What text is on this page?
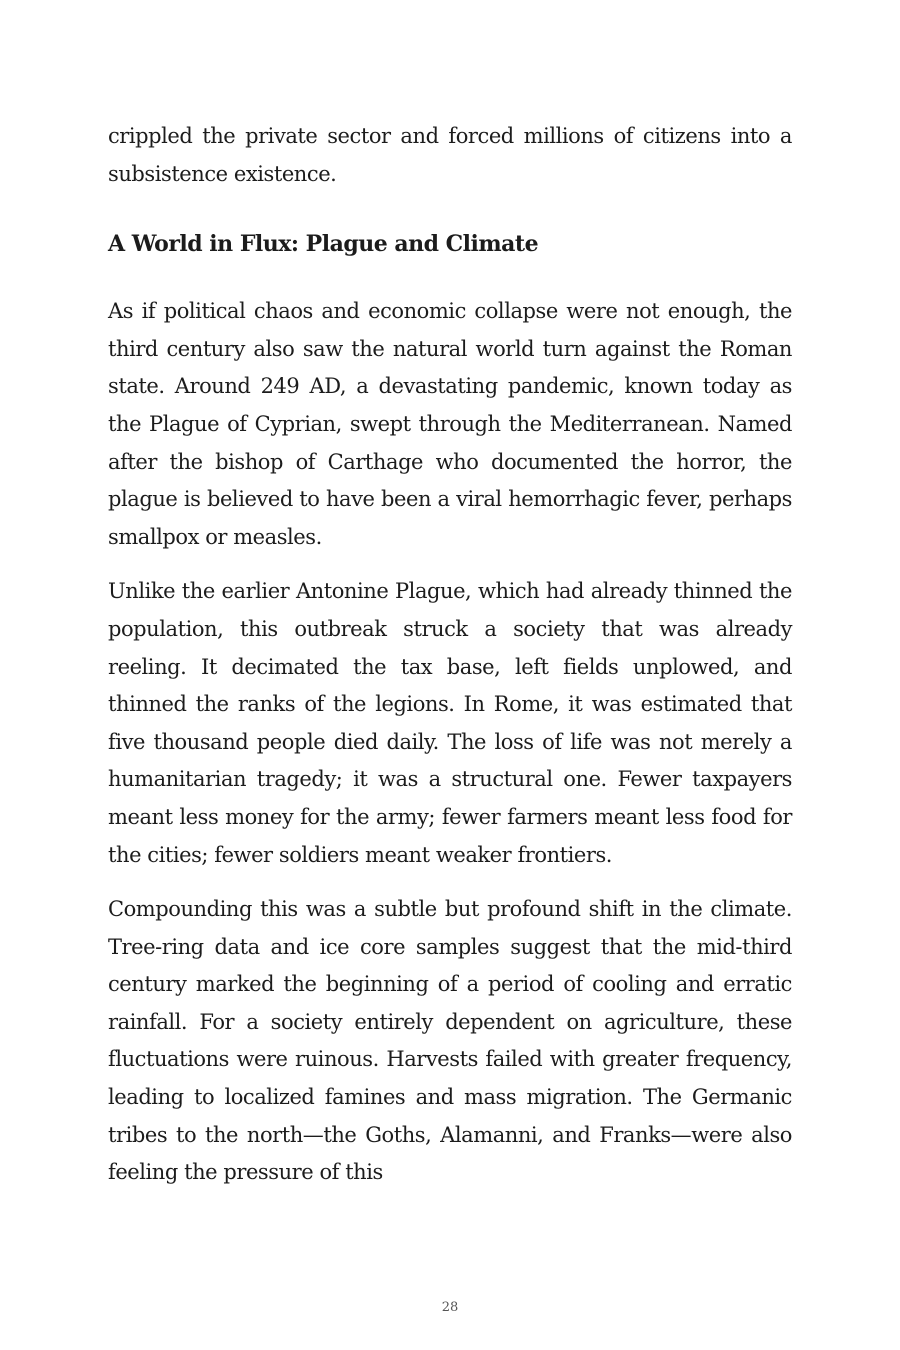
crippled the private sector and forced millions of citizens into a subsistence existence.

A World in Flux: Plague and Climate

As if political chaos and economic collapse were not enough, the third century also saw the natural world turn against the Roman state. Around 249 AD, a devastating pandemic, known today as the Plague of Cyprian, swept through the Mediterranean. Named after the bishop of Carthage who documented the horror, the plague is believed to have been a viral hemorrhagic fever, perhaps smallpox or measles.

Unlike the earlier Antonine Plague, which had already thinned the population, this outbreak struck a society that was already reeling. It decimated the tax base, left fields unplowed, and thinned the ranks of the legions. In Rome, it was estimated that five thousand people died daily. The loss of life was not merely a humanitarian tragedy; it was a structural one. Fewer taxpayers meant less money for the army; fewer farmers meant less food for the cities; fewer soldiers meant weaker frontiers.

Compounding this was a subtle but profound shift in the climate. Tree-ring data and ice core samples suggest that the mid-third century marked the beginning of a period of cooling and erratic rainfall. For a society entirely dependent on agriculture, these fluctuations were ruinous. Harvests failed with greater frequency, leading to localized famines and mass migration. The Germanic tribes to the north—the Goths, Alamanni, and Franks—were also feeling the pressure of this

28
